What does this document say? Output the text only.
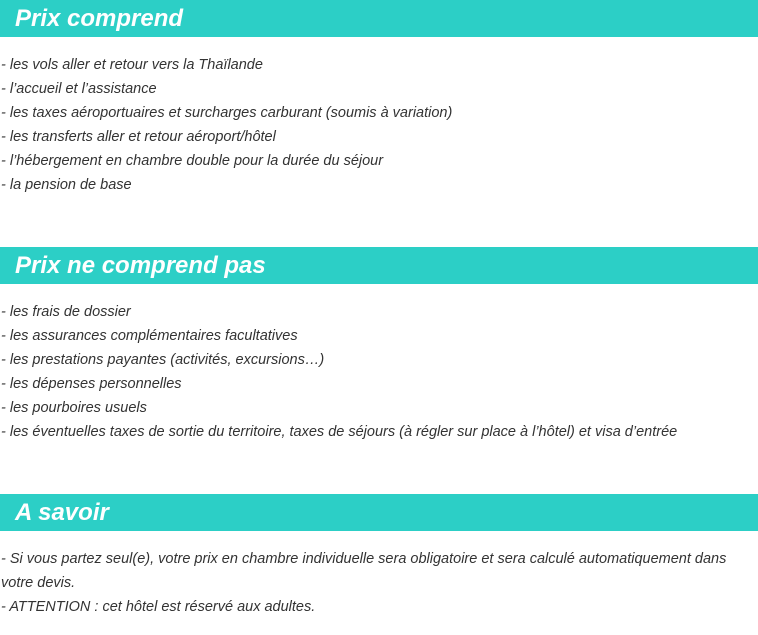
Prix comprend
- les vols aller et retour vers la Thaïlande
- l’accueil et l’assistance
- les taxes aéroportuaires et surcharges carburant (soumis à variation)
- les transferts aller et retour aéroport/hôtel
- l’hébergement en chambre double pour la durée du séjour
- la pension de base
Prix ne comprend pas
- les frais de dossier
- les assurances complémentaires facultatives
- les prestations payantes (activités, excursions…)
- les dépenses personnelles
- les pourboires usuels
- les éventuelles taxes de sortie du territoire, taxes de séjours (à régler sur place à l’hôtel) et visa d’entrée
A savoir
- Si vous partez seul(e), votre prix en chambre individuelle sera obligatoire et sera calculé automatiquement dans votre devis.
- ATTENTION : cet hôtel est réservé aux adultes.
